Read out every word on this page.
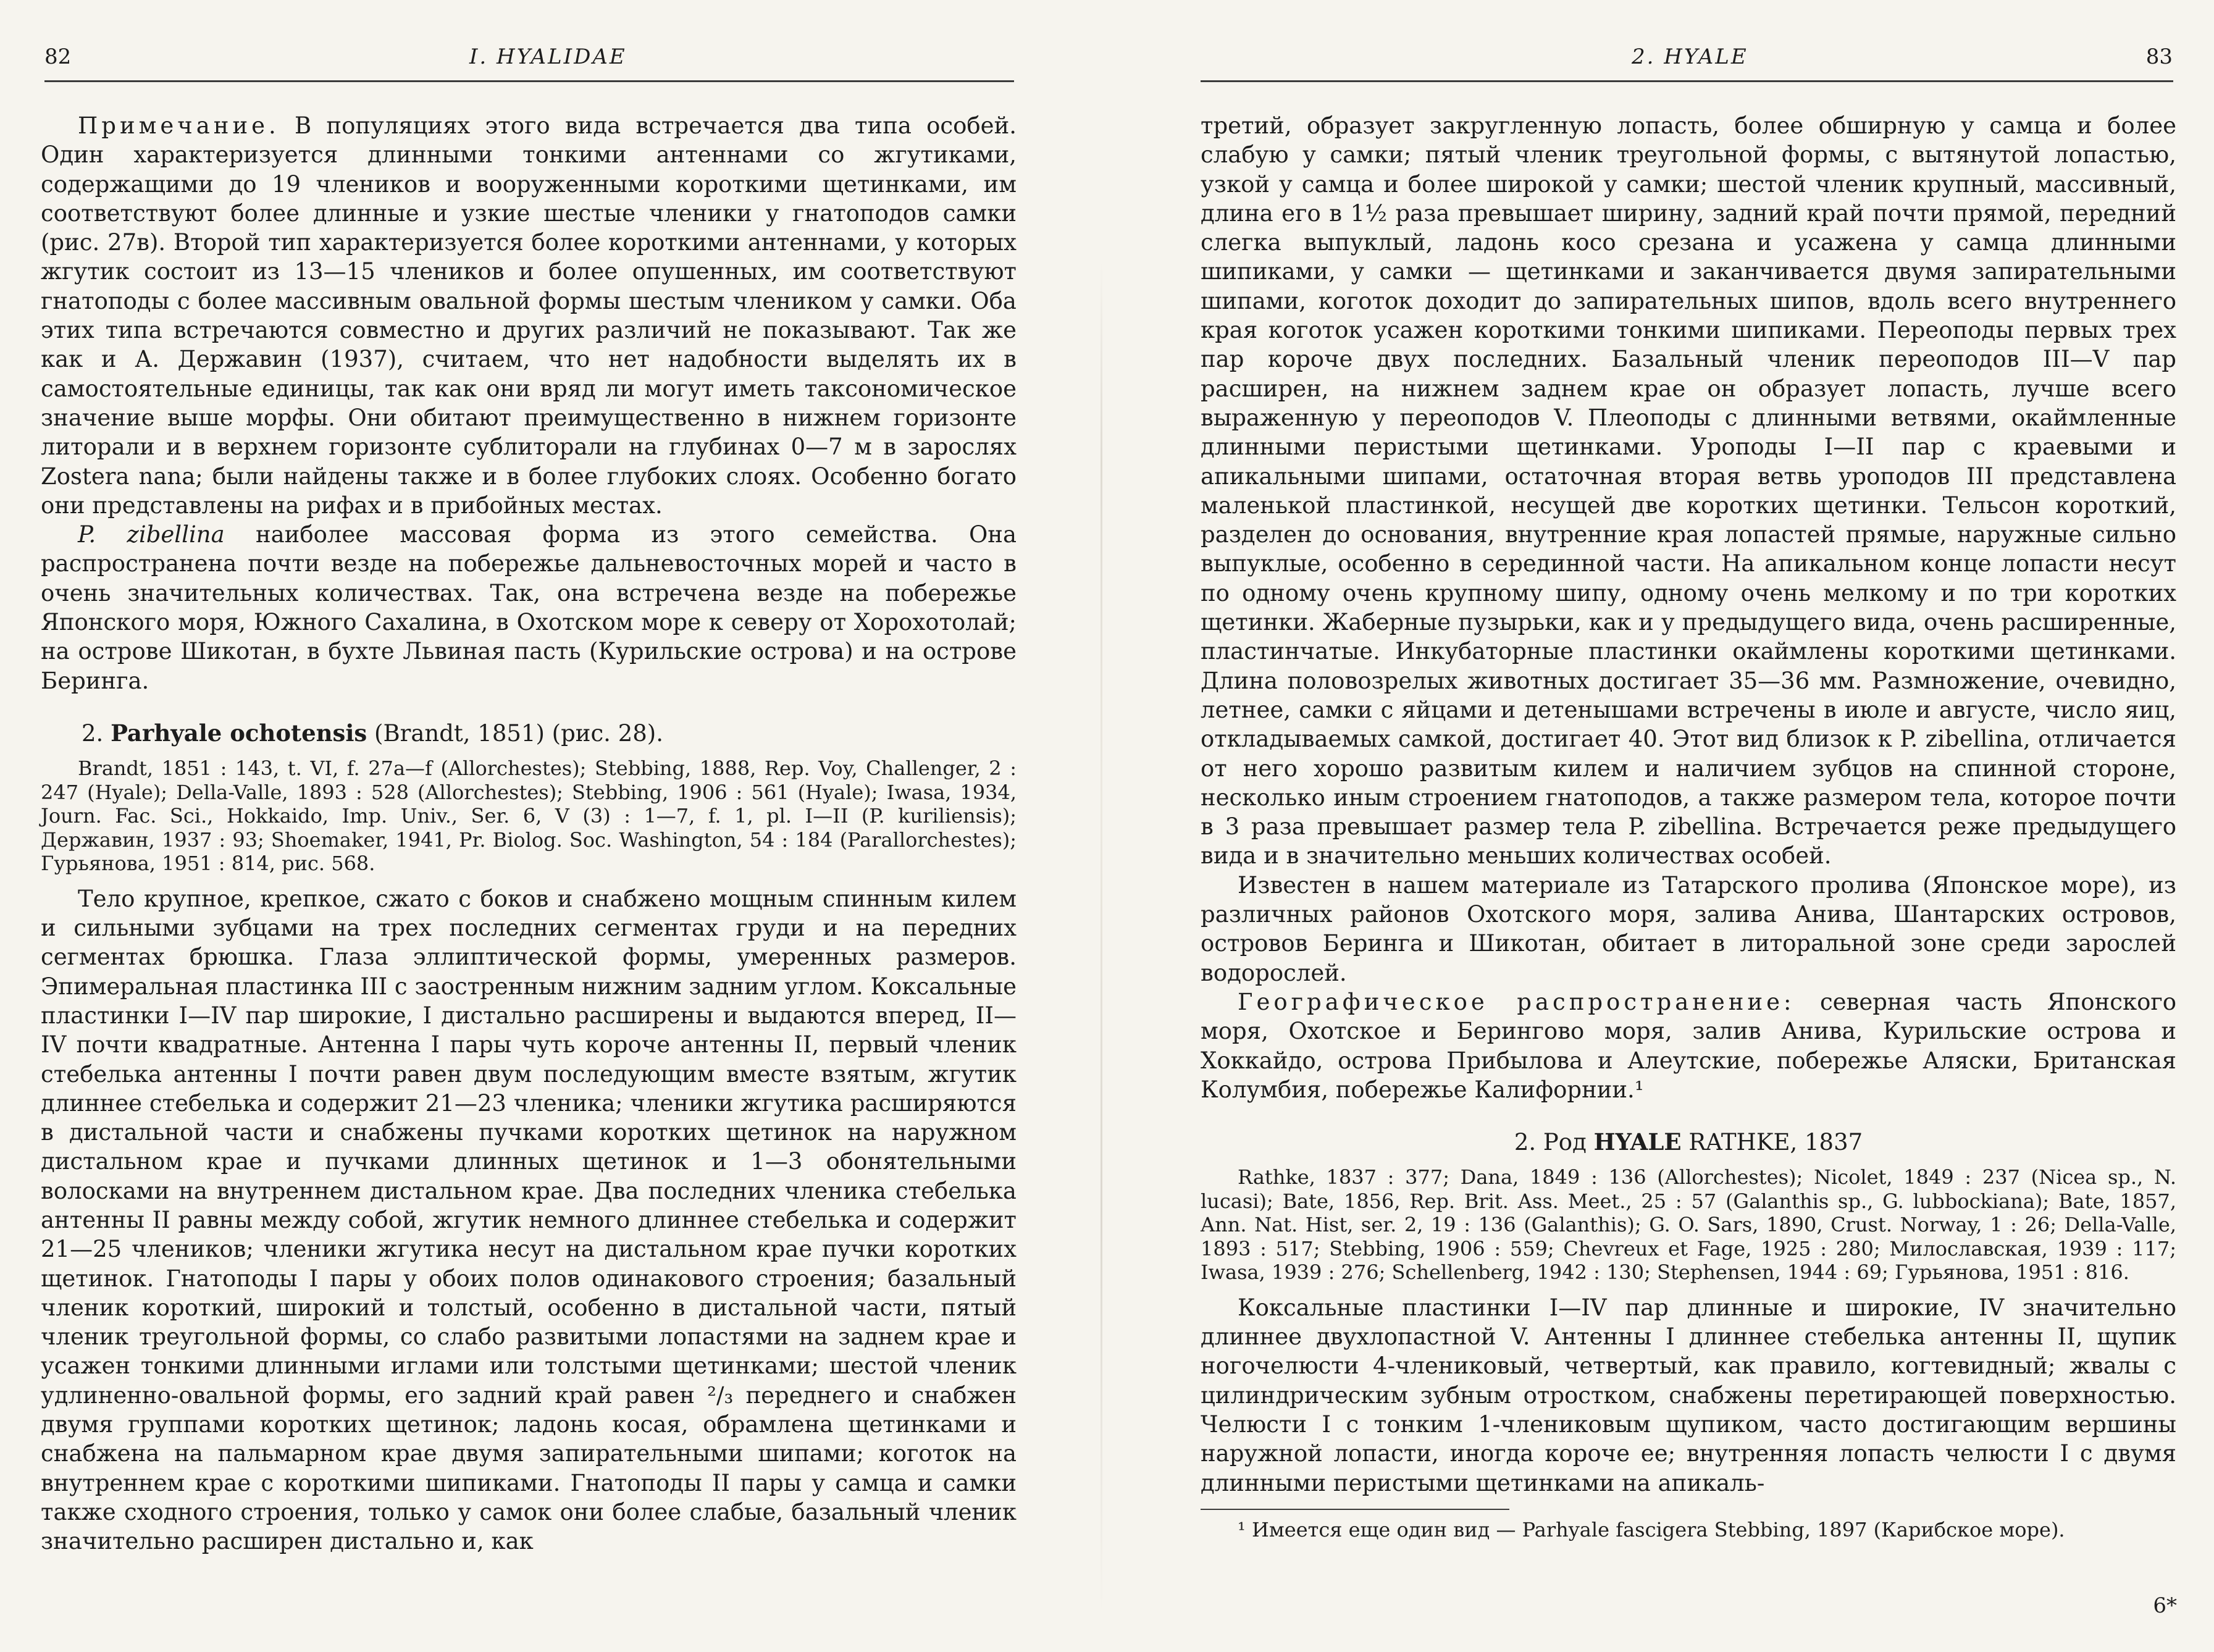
82	I. HYALIDAE

Примечание. В популяциях этого вида встречается два типа особей. Один характеризуется длинными тонкими антеннами со жгутиками, содержащими до 19 члеников и вооруженными короткими щетинками, им соответствуют более длинные и узкие шестые членики у гнатоподов самки (рис. 27в). Второй тип характеризуется более короткими антеннами, у которых жгутик состоит из 13—15 члеников и более опушенных, им соответствуют гнатоподы с более массивным овальной формы шестым члеником у самки. Оба этих типа встречаются совместно и других различий не показывают. Так же как и А. Державин (1937), считаем, что нет надобности выделять их в самостоятельные единицы, так как они вряд ли могут иметь таксономическое значение выше морфы. Они обитают преимущественно в нижнем горизонте литорали и в верхнем горизонте сублиторали на глубинах 0—7 м в зарослях Zostera nana; были найдены также и в более глубоких слоях. Особенно богато они представлены на рифах и в прибойных местах.

P. zibellina наиболее массовая форма из этого семейства. Она распространена почти везде на побережье дальневосточных морей и часто в очень значительных количествах. Так, она встречена везде на побережье Японского моря, Южного Сахалина, в Охотском море к северу от Хорохотолай; на острове Шикотан, в бухте Львиная пасть (Курильские острова) и на острове Беринга.

2. Parhyale ochotensis (Brandt, 1851) (рис. 28).

Brandt, 1851 : 143, t. VI, f. 27a—f (Allorchestes); Stebbing, 1888, Rep. Voy, Challenger, 2 : 247 (Hyale); Della-Valle, 1893 : 528 (Allorchestes); Stebbing, 1906 : 561 (Hyale); Iwasa, 1934, Journ. Fac. Sci., Hokkaido, Imp. Univ., Ser. 6, V (3) : 1—7, f. 1, pl. I—II (P. kuriliensis); Державин, 1937 : 93; Shoemaker, 1941, Pr. Biolog. Soc. Washington, 54 : 184 (Parallorchestes); Гурьянова, 1951 : 814, рис. 568.

Тело крупное, крепкое, сжато с боков и снабжено мощным спинным килем и сильными зубцами на трех последних сегментах груди и на передних сегментах брюшка. Глаза эллиптической формы, умеренных размеров. Эпимеральная пластинка III с заостренным нижним задним углом. Коксальные пластинки I—IV пар широкие, I дистально расширены и выдаются вперед, II—IV почти квадратные. Антенна I пары чуть короче антенны II, первый членик стебелька антенны I почти равен двум последующим вместе взятым, жгутик длиннее стебелька и содержит 21—23 членика; членики жгутика расширяются в дистальной части и снабжены пучками коротких щетинок на наружном дистальном крае и пучками длинных щетинок и 1—3 обонятельными волосками на внутреннем дистальном крае. Два последних членика стебелька антенны II равны между собой, жгутик немного длиннее стебелька и содержит 21—25 члеников; членики жгутика несут на дистальном крае пучки коротких щетинок. Гнатоподы I пары у обоих полов одинакового строения; базальный членик короткий, широкий и толстый, особенно в дистальной части, пятый членик треугольной формы, со слабо развитыми лопастями на заднем крае и усажен тонкими длинными иглами или толстыми щетинками; шестой членик удлиненно-овальной формы, его задний край равен ²/₃ переднего и снабжен двумя группами коротких щетинок; ладонь косая, обрамлена щетинками и снабжена на пальмарном крае двумя запирательными шипами; коготок на внутреннем крае с короткими шипиками. Гнатоподы II пары у самца и самки также сходного строения, только у самок они более слабые, базальный членик значительно расширен дистально и, как

2. HYALE	83

третий, образует закругленную лопасть, более обширную у самца и более слабую у самки; пятый членик треугольной формы, с вытянутой лопастью, узкой у самца и более широкой у самки; шестой членик крупный, массивный, длина его в 1½ раза превышает ширину, задний край почти прямой, передний слегка выпуклый, ладонь косо срезана и усажена у самца длинными шипиками, у самки — щетинками и заканчивается двумя запирательными шипами, коготок доходит до запирательных шипов, вдоль всего внутреннего края коготок усажен короткими тонкими шипиками. Переоподы первых трех пар короче двух последних. Базальный членик переоподов III—V пар расширен, на нижнем заднем крае он образует лопасть, лучше всего выраженную у переоподов V. Плеоподы с длинными ветвями, окаймленные длинными перистыми щетинками. Уроподы I—II пар с краевыми и апикальными шипами, остаточная вторая ветвь уроподов III представлена маленькой пластинкой, несущей две коротких щетинки. Тельсон короткий, разделен до основания, внутренние края лопастей прямые, наружные сильно выпуклые, особенно в серединной части. На апикальном конце лопасти несут по одному очень крупному шипу, одному очень мелкому и по три коротких щетинки. Жаберные пузырьки, как и у предыдущего вида, очень расширенные, пластинчатые. Инкубаторные пластинки окаймлены короткими щетинками. Длина половозрелых животных достигает 35—36 мм. Размножение, очевидно, летнее, самки с яйцами и детенышами встречены в июле и августе, число яиц, откладываемых самкой, достигает 40. Этот вид близок к P. zibellina, отличается от него хорошо развитым килем и наличием зубцов на спинной стороне, несколько иным строением гнатоподов, а также размером тела, которое почти в 3 раза превышает размер тела P. zibellina. Встречается реже предыдущего вида и в значительно меньших количествах особей.

Известен в нашем материале из Татарского пролива (Японское море), из различных районов Охотского моря, залива Анива, Шантарских островов, островов Беринга и Шикотан, обитает в литоральной зоне среди зарослей водорослей.

Географическое распространение: северная часть Японского моря, Охотское и Берингово моря, залив Анива, Курильские острова и Хоккайдо, острова Прибылова и Алеутские, побережье Аляски, Британская Колумбия, побережье Калифорнии.¹

2. Род HYALE RATHKE, 1837

Rathke, 1837 : 377; Dana, 1849 : 136 (Allorchestes); Nicolet, 1849 : 237 (Nicea sp., N. lucasi); Bate, 1856, Rep. Brit. Ass. Meet., 25 : 57 (Galanthis sp., G. lubbockiana); Bate, 1857, Ann. Nat. Hist, ser. 2, 19 : 136 (Galanthis); G. O. Sars, 1890, Crust. Norway, 1 : 26; Della-Valle, 1893 : 517; Stebbing, 1906 : 559; Chevreux et Fage, 1925 : 280; Милославская, 1939 : 117; Iwasa, 1939 : 276; Schellenberg, 1942 : 130; Stephensen, 1944 : 69; Гурьянова, 1951 : 816.

Коксальные пластинки I—IV пар длинные и широкие, IV значительно длиннее двухлопастной V. Антенны I длиннее стебелька антенны II, щупик ногочелюсти 4-члениковый, четвертый, как правило, когтевидный; жвалы с цилиндрическим зубным отростком, снабжены перетирающей поверхностью. Челюсти I с тонким 1-члениковым щупиком, часто достигающим вершины наружной лопасти, иногда короче ее; внутренняя лопасть челюсти I с двумя длинными перистыми щетинками на апикаль-

¹ Имеется еще один вид — Parhyale fascigera Stebbing, 1897 (Карибское море).

6*
